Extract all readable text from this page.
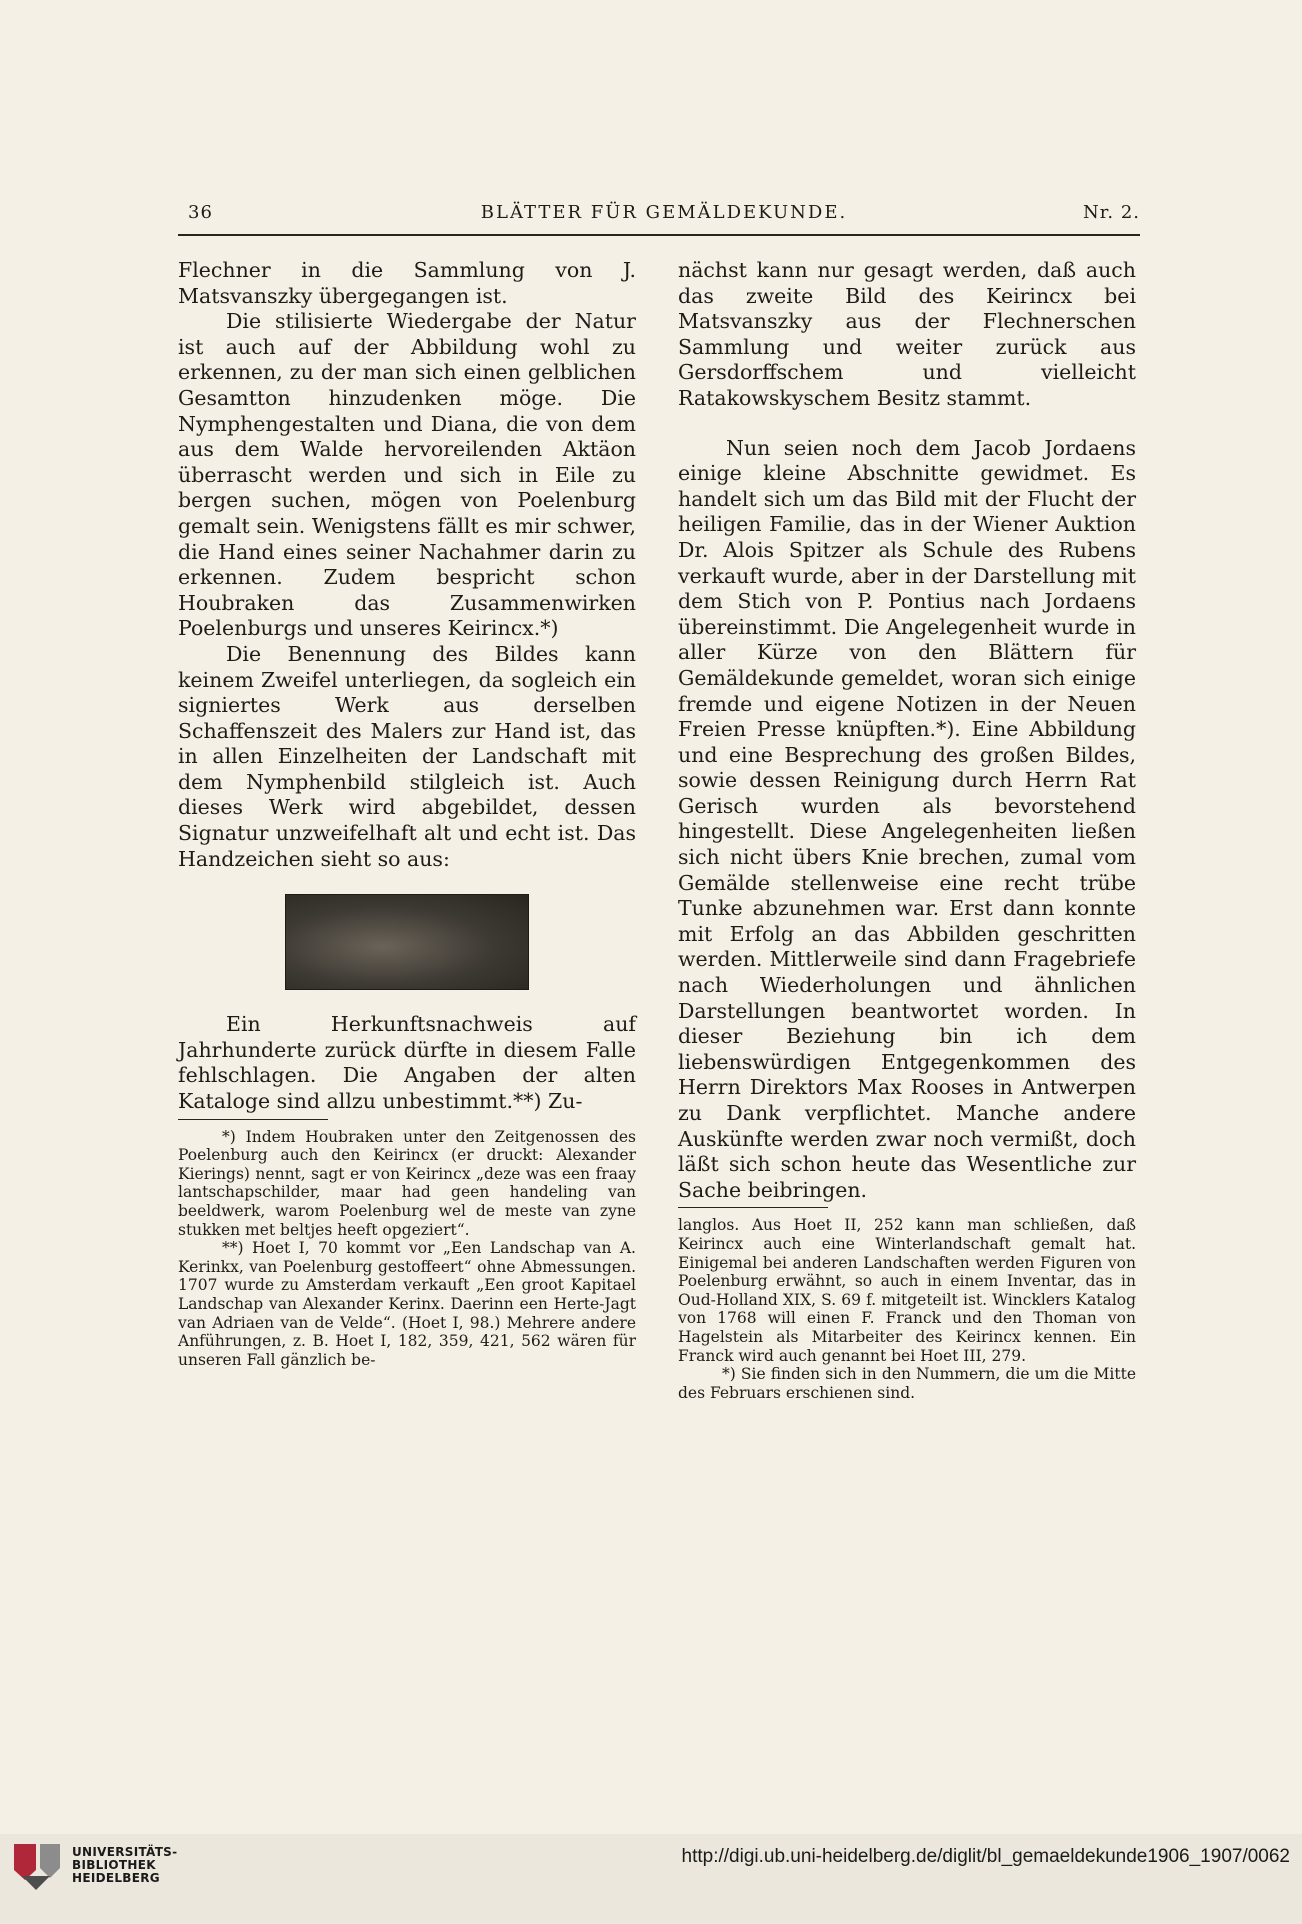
36	BLÄTTER FÜR GEMÄLDEKUNDE.	Nr. 2.

Flechner in die Sammlung von J. Matsvanszky übergegangen ist.

Die stilisierte Wiedergabe der Natur ist auch auf der Abbildung wohl zu erkennen, zu der man sich einen gelblichen Gesamtton hinzudenken möge. Die Nymphengestalten und Diana, die von dem aus dem Walde hervoreilenden Aktäon überrascht werden und sich in Eile zu bergen suchen, mögen von Poelenburg gemalt sein. Wenigstens fällt es mir schwer, die Hand eines seiner Nachahmer darin zu erkennen. Zudem bespricht schon Houbraken das Zusammenwirken Poelenburgs und unseres Keirincx.*)

Die Benennung des Bildes kann keinem Zweifel unterliegen, da sogleich ein signiertes Werk aus derselben Schaffenszeit des Malers zur Hand ist, das in allen Einzelheiten der Landschaft mit dem Nymphenbild stilgleich ist. Auch dieses Werk wird abgebildet, dessen Signatur unzweifelhaft alt und echt ist. Das Handzeichen sieht so aus:

Ein Herkunftsnachweis auf Jahrhunderte zurück dürfte in diesem Falle fehlschlagen. Die Angaben der alten Kataloge sind allzu unbestimmt.**) Zu-

*) Indem Houbraken unter den Zeitgenossen des Poelenburg auch den Keirincx (er druckt: Alexander Kierings) nennt, sagt er von Keirincx „deze was een fraay lantschapschilder, maar had geen handeling van beeldwerk, warom Poelenburg wel de meste van zyne stukken met beltjes heeft opgeziert“.

**) Hoet I, 70 kommt vor „Een Landschap van A. Kerinkx, van Poelenburg gestoffeert“ ohne Abmessungen. 1707 wurde zu Amsterdam verkauft „Een groot Kapitael Landschap van Alexander Kerinx. Daerinn een Herte-Jagt van Adriaen van de Velde“. (Hoet I, 98.) Mehrere andere Anführungen, z. B. Hoet I, 182, 359, 421, 562 wären für unseren Fall gänzlich be-

nächst kann nur gesagt werden, daß auch das zweite Bild des Keirincx bei Matsvanszky aus der Flechnerschen Sammlung und weiter zurück aus Gersdorffschem und vielleicht Ratakowskyschem Besitz stammt.

Nun seien noch dem Jacob Jordaens einige kleine Abschnitte gewidmet. Es handelt sich um das Bild mit der Flucht der heiligen Familie, das in der Wiener Auktion Dr. Alois Spitzer als Schule des Rubens verkauft wurde, aber in der Darstellung mit dem Stich von P. Pontius nach Jordaens übereinstimmt. Die Angelegenheit wurde in aller Kürze von den Blättern für Gemäldekunde gemeldet, woran sich einige fremde und eigene Notizen in der Neuen Freien Presse knüpften.*). Eine Abbildung und eine Besprechung des großen Bildes, sowie dessen Reinigung durch Herrn Rat Gerisch wurden als bevorstehend hingestellt. Diese Angelegenheiten ließen sich nicht übers Knie brechen, zumal vom Gemälde stellenweise eine recht trübe Tunke abzunehmen war. Erst dann konnte mit Erfolg an das Abbilden geschritten werden. Mittlerweile sind dann Fragebriefe nach Wiederholungen und ähnlichen Darstellungen beantwortet worden. In dieser Beziehung bin ich dem liebenswürdigen Entgegenkommen des Herrn Direktors Max Rooses in Antwerpen zu Dank verpflichtet. Manche andere Auskünfte werden zwar noch vermißt, doch läßt sich schon heute das Wesentliche zur Sache beibringen.

langlos. Aus Hoet II, 252 kann man schließen, daß Keirincx auch eine Winterlandschaft gemalt hat. Einigemal bei anderen Landschaften werden Figuren von Poelenburg erwähnt, so auch in einem Inventar, das in Oud-Holland XIX, S. 69 f. mitgeteilt ist. Wincklers Katalog von 1768 will einen F. Franck und den Thoman von Hagelstein als Mitarbeiter des Keirincx kennen. Ein Franck wird auch genannt bei Hoet III, 279.

*) Sie finden sich in den Nummern, die um die Mitte des Februars erschienen sind.

UNIVERSITÄTS-
BIBLIOTHEK
HEIDELBERG
http://digi.ub.uni-heidelberg.de/diglit/bl_gemaeldekunde1906_1907/0062
